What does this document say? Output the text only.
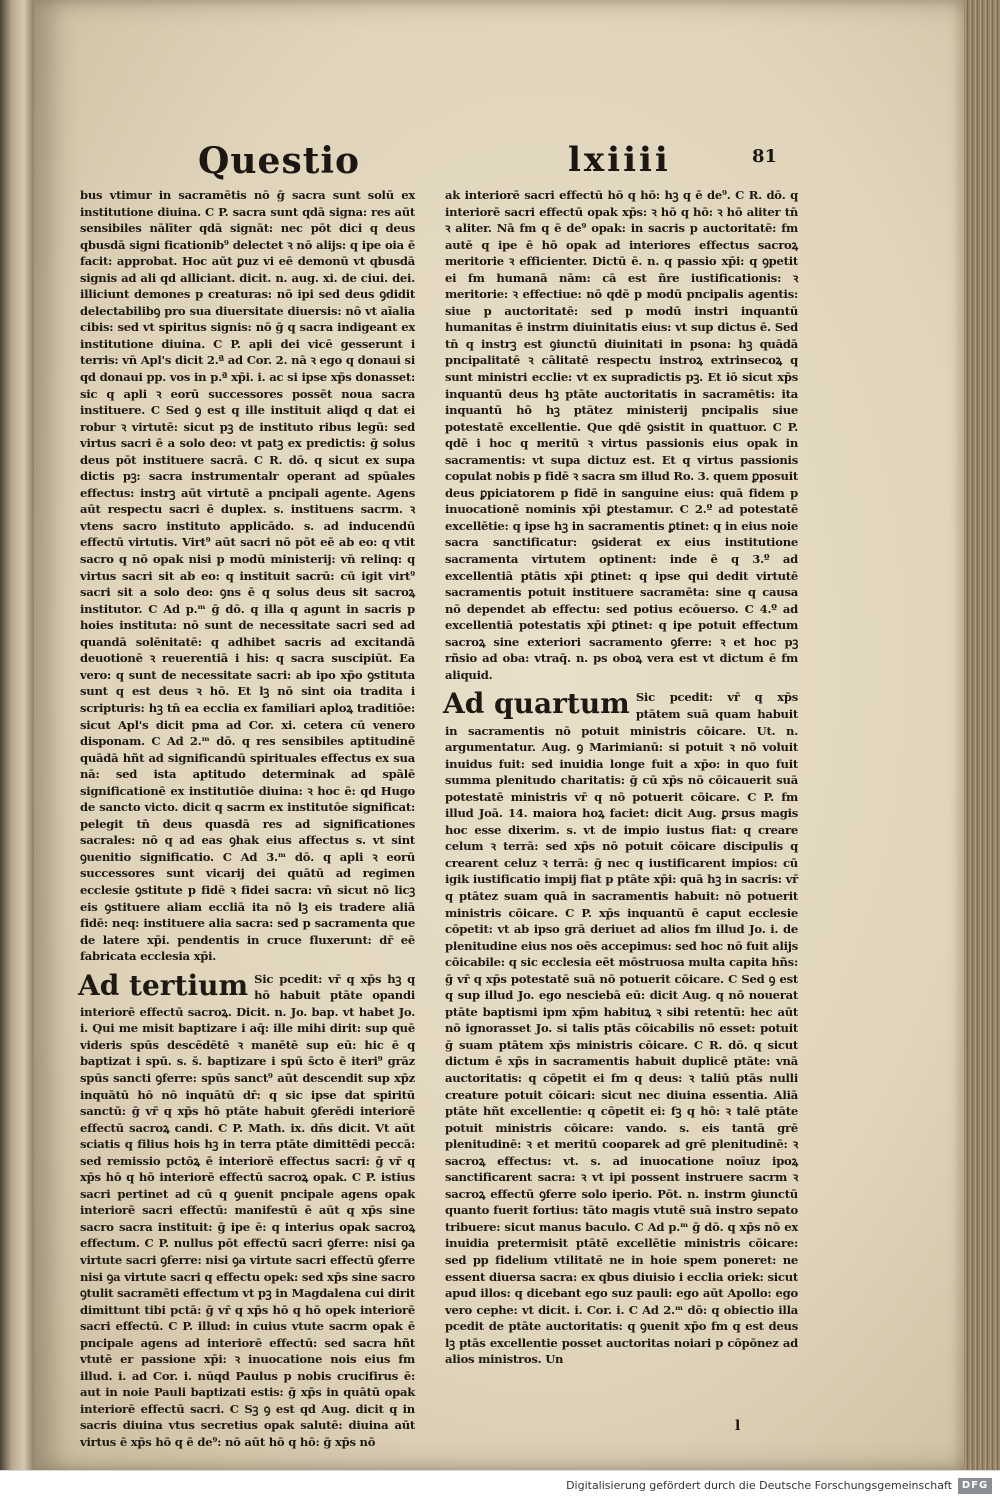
Questio	lxiiii	81

bus vtimur in sacramētis nō ḡ sacra sunt solū ex institutione diuina. C P. sacra sunt qdā signa: res aūt sensibiles nālīter qdā signāt: nec pōt dici q deus qbusdā signi ficationib⁹ delectet ꝛ nō alijs: q ipe oia ē facit: approbat. Hoc aūt ꝑuz vi eē demonū vt qbusdā signis ad ali qd alliciant. dicit. n. aug. xi. de ciui. dei. illiciunt demones p creaturas: nō ipi sed deus ꝯdidit delectabilibꝯ pro sua diuersitate diuersis: nō vt aīalia cibis: sed vt spiritus signis: nō ḡ q sacra indigeant ex institutione diuina. C P. apli dei vicē gesserunt i terris: vn̄ Apl's dicit 2.ª ad Cor. 2. nā ꝛ ego q donaui si qd donaui pp. vos in p.ª xp̄i. i. ac si ipse xp̄s donasset: sic q apli ꝛ eorū successores possēt noua sacra instituere. C Sed ꝯ est q ille instituit aliqd q dat ei robur ꝛ virtutē: sicut pꝫ de instituto ribus legū: sed virtus sacri ē a solo deo: vt patꝫ ex predictis: ḡ solus deus pōt instituere sacrā. C R. dō. q sicut ex supa dictis pꝫ: sacra instrumentalr operant ad spūales effectus: instrꝫ aūt virtutē a pncipali agente. Agens aūt respectu sacri ē duplex. s. instituens sacrm. ꝛ vtens sacro instituto applicādo. s. ad inducendū effectū virtutis. Virt⁹ aūt sacri nō pōt eē ab eo: q vtit sacro q nō opak nisi p modū ministerij: vn̄ relinq: q virtus sacri sit ab eo: q instituit sacrū: cū igit virt⁹ sacri sit a solo deo: ꝯns ē q solus deus sit sacroꝝ institutor. C Ad p.ᵐ ḡ dō. q illa q agunt in sacris p hoies instituta: nō sunt de necessitate sacri sed ad quandā solēnitatē: q adhibet sacris ad excitandā deuotionē ꝛ reuerentiā i his: q sacra suscipiūt. Ea vero: q sunt de necessitate sacri: ab ipo xp̄o ꝯstituta sunt q est deus ꝛ hō. Et lꝫ nō sint oia tradita i scripturis: hꝫ tn̄ ea ecclia ex familiari aploꝝ traditiōe: sicut Apl's dicit pma ad Cor. xi. cetera cū venero disponam. C Ad 2.ᵐ dō. q res sensibiles aptitudinē quādā hñt ad significandū spirituales effectus ex sua nā: sed ista aptitudo determinak ad spālē significationē ex institutiōe diuina: ꝛ hoc ē: qd Hugo de sancto victo. dicit q sacrm ex institutōe significat: pelegit tn̄ deus quasdā res ad significationes sacrales: nō q ad eas ꝯhak eius affectus s. vt sint ꝯuenitio significatio. C Ad 3.ᵐ dō. q apli ꝛ eorū successores sunt vicarij dei quātū ad regimen ecclesie ꝯstitute p fidē ꝛ fidei sacra: vn̄ sicut nō licꝫ eis ꝯstituere aliam eccliā ita nō lꝫ eis tradere aliā fidē: neq: instituere alia sacra: sed p sacramenta que de latere xp̄i. pendentis in cruce fluxerunt: dr̄ eē fabricata ecclesia xp̄i.

Ad tertium Sic pcedit: vr̄ q xp̄s hꝫ q hō habuit ptāte opandi interiorē effectū sacroꝝ. Dicit. n. Jo. bap. vt habet Jo. i. Qui me misit baptizare i aq̄: ille mihi dirit: sup quē videris spūs descēdētē ꝛ manētē sup eū: hic ē q baptizat i spū. s. s̄. baptizare i spū s̄cto ē iteri⁹ grāz spūs sancti ꝯferre: spūs sanct⁹ aūt descendit sup xp̄z inquātū hō nō inquātū dr̄: q sic ipse dat spiritū sanctū: ḡ vr̄ q xp̄s hō ptāte habuit ꝯferēdi interiorē effectū sacroꝝ candi. C P. Math. ix. dn̄s dicit. Vt aūt sciatis q filius hois hꝫ in terra ptāte dimittēdi peccā: sed remissio pctōꝝ ē interiorē effectus sacri: ḡ vr̄ q xp̄s hō q hō interiorē effectū sacroꝝ opak. C P. istius sacri pertinet ad cū q ꝯuenit pncipale agens opak interiorē sacri effectū: manifestū ē aūt q xp̄s sine sacro sacra instituit: ḡ ipe ē: q interius opak sacroꝝ effectum. C P. nullus pōt effectū sacri ꝯferre: nisi ꝯa virtute sacri ꝯferre: nisi ꝯa virtute sacri effectū ꝯferre nisi ꝯa virtute sacri q effectu opek: sed xp̄s sine sacro ꝯtulit sacramēti effectum vt pꝫ in Magdalena cui dirit dimittunt tibi pctā: ḡ vr̄ q xp̄s hō q hō opek interiorē sacri effectū. C P. illud: in cuius vtute sacrm opak ē pncipale agens ad interiorē effectū: sed sacra hñt vtutē er passione xp̄i: ꝛ inuocatione nois eius fm illud. i. ad Cor. i. nūqd Paulus p nobis crucifirus ē: aut in noie Pauli baptizati estis: ḡ xp̄s in quātū opak interiorē effectū sacri. C Sꝫ ꝯ est qd Aug. dicit q in sacris diuina vtus secretius opak salutē: diuina aūt virtus ē xp̄s hō q ē de⁹: nō aūt hō q hō: ḡ xp̄s nō

ak interiorē sacri effectū hō q hō: hꝫ q ē de⁹. C R. dō. q interiorē sacri effectū opak xp̄s: ꝛ hō q hō: ꝛ hō aliter tn̄ ꝛ aliter. Nā fm q ē de⁹ opak: in sacris p auctoritatē: fm autē q ipe ē hō opak ad interiores effectus sacroꝝ meritorie ꝛ efficienter. Dictū ē. n. q passio xp̄i: q ꝯpetit ei fm humanā nām: cā est ñre iustificationis: ꝛ meritorie: ꝛ effectiue: nō qdē p modū pncipalis agentis: siue p auctoritatē: sed p modū instri inquantū humanitas ē instrm diuinitatis eius: vt sup dictus ē. Sed tn̄ q instrꝫ est ꝯiunctū diuinitati in psona: hꝫ quādā pncipalitatē ꝛ cālitatē respectu instroꝝ extrinsecoꝝ q sunt ministri ecclie: vt ex supradictis pꝫ. Et iō sicut xp̄s inquantū deus hꝫ ptāte auctoritatis in sacramētis: ita inquantū hō hꝫ ptātez ministerij pncipalis siue potestatē excellentie. Que qdē ꝯsistit in quattuor. C P. qdē i hoc q meritū ꝛ virtus passionis eius opak in sacramentis: vt supa dictuz est. Et q virtus passionis copulat nobis p fidē ꝛ sacra sm illud Ro. 3. quem ꝑposuit deus ꝑpiciatorem p fidē in sanguine eius: quā fidem p inuocationē nominis xp̄i ꝑtestamur. C 2.º ad potestatē excellētie: q ipse hꝫ in sacramentis ꝑtinet: q in eius noie sacra sanctificatur: ꝯsiderat ex eius institutione sacramenta virtutem optinent: inde ē q 3.º ad excellentiā ptātis xp̄i ꝑtinet: q ipse qui dedit virtutē sacramentis potuit instituere sacramēta: sine q causa nō dependet ab effectu: sed potius ecōuerso. C 4.º ad excellentiā potestatis xp̄i ꝑtinet: q ipe potuit effectum sacroꝝ sine exteriori sacramento ꝯferre: ꝛ et hoc pꝫ rñsio ad oba: vtraq̄. n. ps oboꝝ vera est vt dictum ē fm aliquid.

Ad quartum Sic pcedit: vr̄ q xp̄s ptātem suā quam habuit in sacramentis nō potuit ministris cōicare. Ut. n. argumentatur. Aug. ꝯ Marimianū: si potuit ꝛ nō voluit inuidus fuit: sed inuidia longe fuit a xp̄o: in quo fuit summa plenitudo charitatis: ḡ cū xp̄s nō cōicauerit suā potestatē ministris vr̄ q nō potuerit cōicare. C P. fm illud Joā. 14. maiora hoꝝ faciet: dicit Aug. ꝑrsus magis hoc esse dixerim. s. vt de impio iustus fiat: q creare celum ꝛ terrā: sed xp̄s nō potuit cōicare discipulis q crearent celuz ꝛ terrā: ḡ nec q iustificarent impios: cū igik iustificatio impij fiat p ptāte xp̄i: quā hꝫ in sacris: vr̄ q ptātez suam quā in sacramentis habuit: nō potuerit ministris cōicare. C P. xp̄s inquantū ē caput ecclesie cōpetit: vt ab ipso grā deriuet ad alios fm illud Jo. i. de plenitudine eius nos oēs accepimus: sed hoc nō fuit alijs cōicabile: q sic ecclesia eēt mōstruosa multa capita hñs: ḡ vr̄ q xp̄s potestatē suā nō potuerit cōicare. C Sed ꝯ est q sup illud Jo. ego nesciebā eū: dicit Aug. q nō nouerat ptāte baptismi ipm xp̄m habituꝝ ꝛ sibi retentū: hec aūt nō ignorasset Jo. si talis ptās cōicabilis nō esset: potuit ḡ suam ptātem xp̄s ministris cōicare. C R. dō. q sicut dictum ē xp̄s in sacramentis habuit duplicē ptāte: vnā auctoritatis: q cōpetit ei fm q deus: ꝛ taliū ptās nulli creature potuit cōicari: sicut nec diuina essentia. Aliā ptāte hñt excellentie: q cōpetit ei: fꝫ q hō: ꝛ talē ptāte potuit ministris cōicare: vando. s. eis tantā grē plenitudinē: ꝛ et meritū cooparek ad grē plenitudinē: ꝛ sacroꝝ effectus: vt. s. ad inuocatione noīuz ipoꝝ sanctificarent sacra: ꝛ vt ipi possent instruere sacrm ꝛ sacroꝝ effectū ꝯferre solo iperio. Pōt. n. instrm ꝯiunctū quanto fuerit fortius: tāto magis vtutē suā instro sepato tribuere: sicut manus baculo. C Ad p.ᵐ ḡ dō. q xp̄s nō ex inuidia pretermisit ptātē excellētie ministris cōicare: sed pp fidelium vtilitatē ne in hoie spem poneret: ne essent diuersa sacra: ex qbus diuisio i ecclia oriek: sicut apud illos: q dicebant ego suz pauli: ego aūt Apollo: ego vero cephe: vt dicit. i. Cor. i. C Ad 2.ᵐ dō: q obiectio illa pcedit de ptāte auctoritatis: q ꝯuenit xp̄o fm q est deus lꝫ ptās excellentie posset auctoritas noiari p cōpōnez ad alios ministros. Un

l
Digitalisierung gefördert durch die Deutsche Forschungsgemeinschaft DFG
